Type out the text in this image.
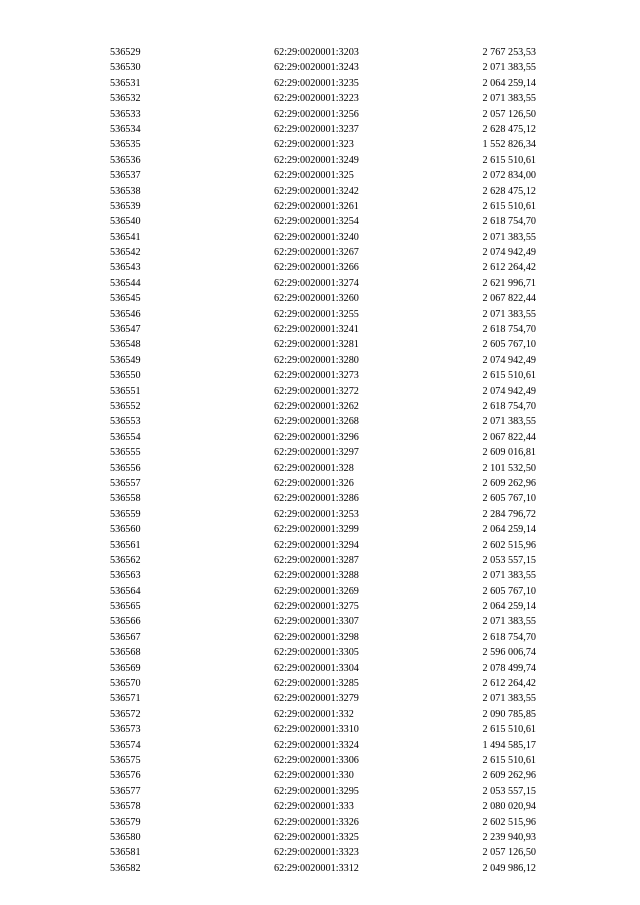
536529	62:29:0020001:3203	2 767 253,53
536530	62:29:0020001:3243	2 071 383,55
536531	62:29:0020001:3235	2 064 259,14
536532	62:29:0020001:3223	2 071 383,55
536533	62:29:0020001:3256	2 057 126,50
536534	62:29:0020001:3237	2 628 475,12
536535	62:29:0020001:323	1 552 826,34
536536	62:29:0020001:3249	2 615 510,61
536537	62:29:0020001:325	2 072 834,00
536538	62:29:0020001:3242	2 628 475,12
536539	62:29:0020001:3261	2 615 510,61
536540	62:29:0020001:3254	2 618 754,70
536541	62:29:0020001:3240	2 071 383,55
536542	62:29:0020001:3267	2 074 942,49
536543	62:29:0020001:3266	2 612 264,42
536544	62:29:0020001:3274	2 621 996,71
536545	62:29:0020001:3260	2 067 822,44
536546	62:29:0020001:3255	2 071 383,55
536547	62:29:0020001:3241	2 618 754,70
536548	62:29:0020001:3281	2 605 767,10
536549	62:29:0020001:3280	2 074 942,49
536550	62:29:0020001:3273	2 615 510,61
536551	62:29:0020001:3272	2 074 942,49
536552	62:29:0020001:3262	2 618 754,70
536553	62:29:0020001:3268	2 071 383,55
536554	62:29:0020001:3296	2 067 822,44
536555	62:29:0020001:3297	2 609 016,81
536556	62:29:0020001:328	2 101 532,50
536557	62:29:0020001:326	2 609 262,96
536558	62:29:0020001:3286	2 605 767,10
536559	62:29:0020001:3253	2 284 796,72
536560	62:29:0020001:3299	2 064 259,14
536561	62:29:0020001:3294	2 602 515,96
536562	62:29:0020001:3287	2 053 557,15
536563	62:29:0020001:3288	2 071 383,55
536564	62:29:0020001:3269	2 605 767,10
536565	62:29:0020001:3275	2 064 259,14
536566	62:29:0020001:3307	2 071 383,55
536567	62:29:0020001:3298	2 618 754,70
536568	62:29:0020001:3305	2 596 006,74
536569	62:29:0020001:3304	2 078 499,74
536570	62:29:0020001:3285	2 612 264,42
536571	62:29:0020001:3279	2 071 383,55
536572	62:29:0020001:332	2 090 785,85
536573	62:29:0020001:3310	2 615 510,61
536574	62:29:0020001:3324	1 494 585,17
536575	62:29:0020001:3306	2 615 510,61
536576	62:29:0020001:330	2 609 262,96
536577	62:29:0020001:3295	2 053 557,15
536578	62:29:0020001:333	2 080 020,94
536579	62:29:0020001:3326	2 602 515,96
536580	62:29:0020001:3325	2 239 940,93
536581	62:29:0020001:3323	2 057 126,50
536582	62:29:0020001:3312	2 049 986,12
